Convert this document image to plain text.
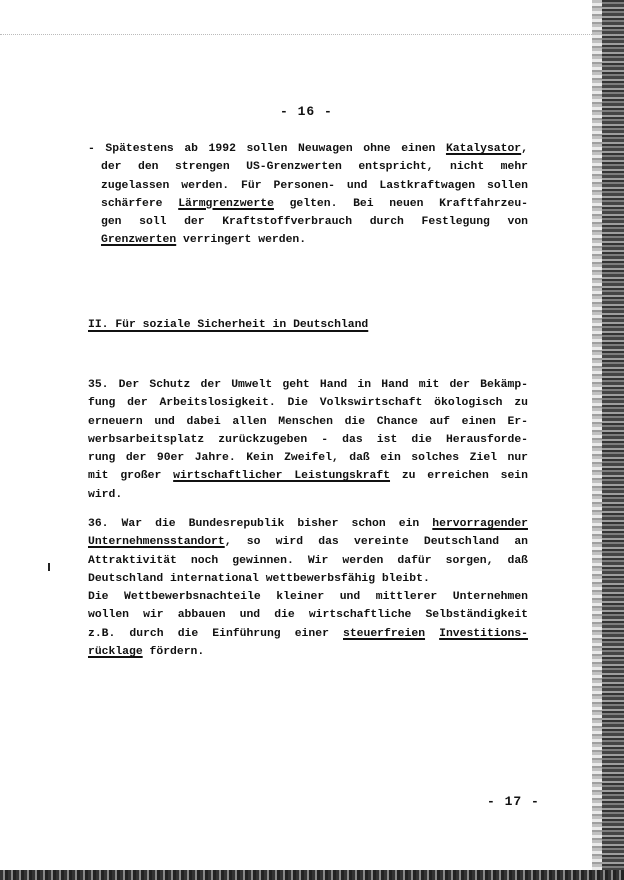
- 16 -
- Spätestens ab 1992 sollen Neuwagen ohne einen Katalysator,
der den strengen US-Grenzwerten entspricht, nicht mehr
zugelassen werden. Für Personen- und Lastkraftwagen sollen
schärfere Lärmgrenzwerte gelten. Bei neuen Kraftfahrzeu-
gen soll der Kraftstoffverbrauch durch Festlegung von
Grenzwerten verringert werden.
II. Für soziale Sicherheit in Deutschland
35. Der Schutz der Umwelt geht Hand in Hand mit der Bekämp-
fung der Arbeitslosigkeit. Die Volkswirtschaft ökologisch zu
erneuern und dabei allen Menschen die Chance auf einen Er-
werbsarbeitsplatz zurückzugeben - das ist die Herausforde-
rung der 90er Jahre. Kein Zweifel, daß ein solches Ziel nur
mit großer wirtschaftlicher Leistungskraft zu erreichen sein
wird.
36. War die Bundesrepublik bisher schon ein hervorragender
Unternehmensstandort, so wird das vereinte Deutschland an
Attraktivität noch gewinnen. Wir werden dafür sorgen, daß
Deutschland international wettbewerbsfähig bleibt.
Die Wettbewerbsnachteile kleiner und mittlerer Unternehmen
wollen wir abbauen und die wirtschaftliche Selbständigkeit
z.B. durch die Einführung einer steuerfreien Investitions-
rücklage fördern.
- 17 -
